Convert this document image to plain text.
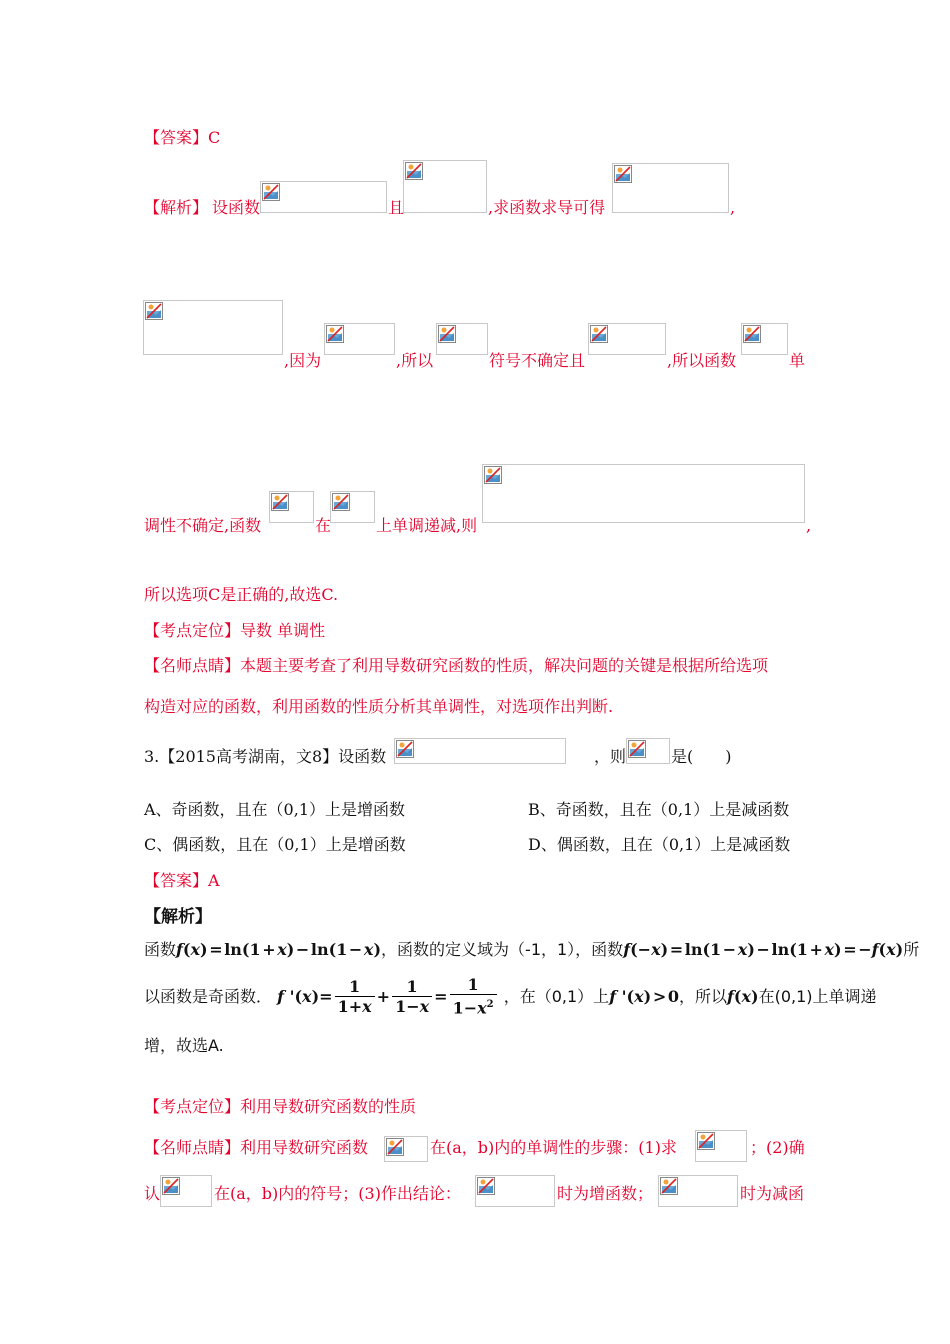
【答案】C
【解析】 设函数	且	,求函数求导可得	,
,因为	,所以	符号不确定且	,所以函数	单
调性不确定,函数	在	上单调递减,则	,
所以选项C是正确的,故选C.
【考点定位】导数 单调性
【名师点睛】本题主要考查了利用导数研究函数的性质，解决问题的关键是根据所给选项
构造对应的函数，利用函数的性质分析其单调性，对选项作出判断.
3.【2015高考湖南，文8】设函数	，则	是(　　)
A、奇函数，且在（0,1）上是增函数	B、奇函数，且在（0,1）上是减函数
C、偶函数，且在（0,1）上是增函数	D、偶函数，且在（0,1）上是减函数
【答案】A
【解析】
函数f(x) = ln(1 + x) − ln(1 − x)，函数的定义域为（-1，1），函数f(−x) = ln(1 − x) − ln(1 + x) = −f(x)所
以函数是奇函数． f '$(x)= \frac{1}{1+x} + \frac{1}{1-x} = \frac{1}{1-x^2}$ ，在（0,1）上f '(x) > 0，所以f(x)在(0,1)上单调递
增，故选A.
【考点定位】利用导数研究函数的性质
【名师点睛】利用导数研究函数	在(a，b)内的单调性的步骤：(1)求	；(2)确
认	在(a，b)内的符号；(3)作出结论：	时为增函数；	时为减函
